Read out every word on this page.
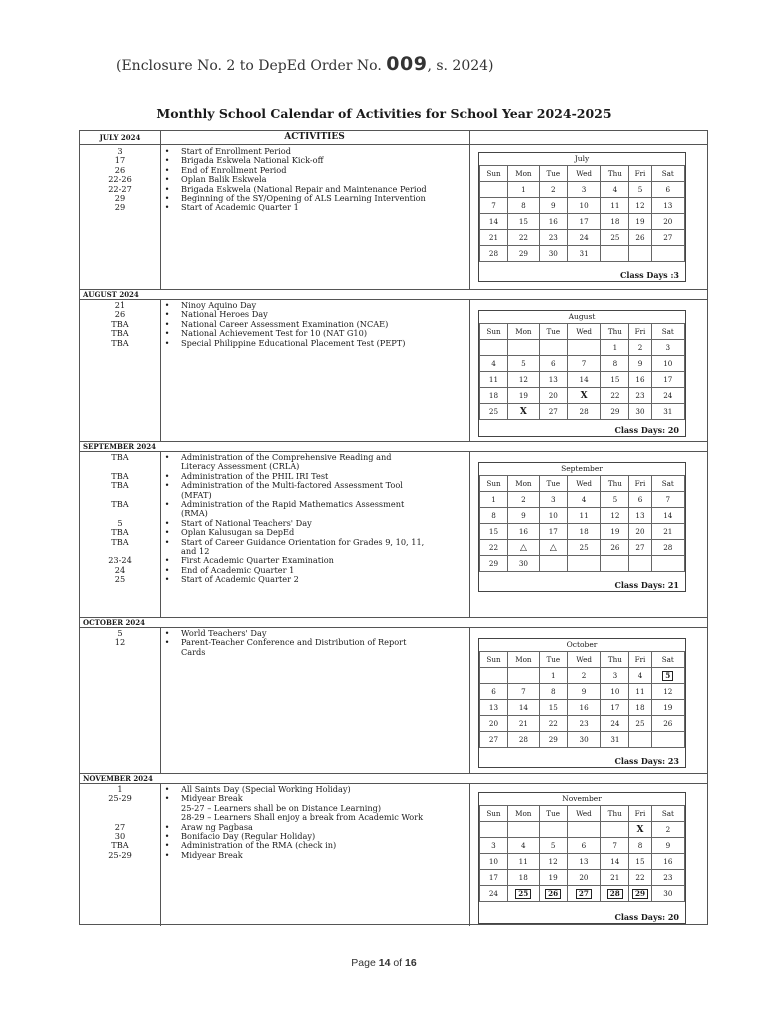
(Enclosure No. 2 to DepEd Order No. 009, s. 2024)
Monthly School Calendar of Activities for School Year 2024-2025
JULY 2024	ACTIVITIES
3	• Start of Enrollment Period
17	• Brigada Eskwela National Kick-off
26	• End of Enrollment Period
22-26	• Oplan Balik Eskwela
22-27	• Brigada Eskwela (National Repair and Maintenance Period
29	• Beginning of the SY/Opening of ALS Learning Intervention
29	• Start of Academic Quarter 1
July
Sun	Mon	Tue	Wed	Thu	Fri	Sat
	1	2	3	4	5	6
7	8	9	10	11	12	13
14	15	16	17	18	19	20
21	22	23	24	25	26	27
28	29	30	31			
Class Days :3
AUGUST 2024
21	• Ninoy Aquino Day
26	• National Heroes Day
TBA	• National Career Assessment Examination (NCAE)
TBA	• National Achievement Test for 10 (NAT G10)
TBA	• Special Philippine Educational Placement Test (PEPT)
August
Sun	Mon	Tue	Wed	Thu	Fri	Sat
				1	2	3
4	5	6	7	8	9	10
11	12	13	14	15	16	17
18	19	20	X	22	23	24
25	X	27	28	29	30	31
Class Days: 20
SEPTEMBER 2024
TBA	• Administration of the Comprehensive Reading and
Literacy Assessment (CRLA)
TBA	• Administration of the PHIL IRI Test
TBA	• Administration of the Multi-factored Assessment Tool
(MFAT)
TBA	• Administration of the Rapid Mathematics Assessment
(RMA)
5	• Start of National Teachers' Day
TBA	• Oplan Kalusugan sa DepEd
TBA	• Start of Career Guidance Orientation for Grades 9, 10, 11,
and 12
23-24	• First Academic Quarter Examination
24	• End of Academic Quarter 1
25	• Start of Academic Quarter 2
September
Sun	Mon	Tue	Wed	Thu	Fri	Sat
1	2	3	4	5	6	7
8	9	10	11	12	13	14
15	16	17	18	19	20	21
22	△	△	25	26	27	28
29	30					
Class Days: 21
OCTOBER 2024
5	• World Teachers' Day
12	• Parent-Teacher Conference and Distribution of Report
Cards
October
Sun	Mon	Tue	Wed	Thu	Fri	Sat
		1	2	3	4	5
6	7	8	9	10	11	12
13	14	15	16	17	18	19
20	21	22	23	24	25	26
27	28	29	30	31		
Class Days: 23
NOVEMBER 2024
1	• All Saints Day (Special Working Holiday)
25-29	• Midyear Break
25-27 – Learners shall be on Distance Learning)
28-29 – Learners Shall enjoy a break from Academic Work
27	• Araw ng Pagbasa
30	• Bonifacio Day (Regular Holiday)
TBA	• Administration of the RMA (check in)
25-29	• Midyear Break
November
Sun	Mon	Tue	Wed	Thu	Fri	Sat
					X	2
3	4	5	6	7	8	9
10	11	12	13	14	15	16
17	18	19	20	21	22	23
24	25	26	27	28	29	30
Class Days: 20
Page 14 of 16
